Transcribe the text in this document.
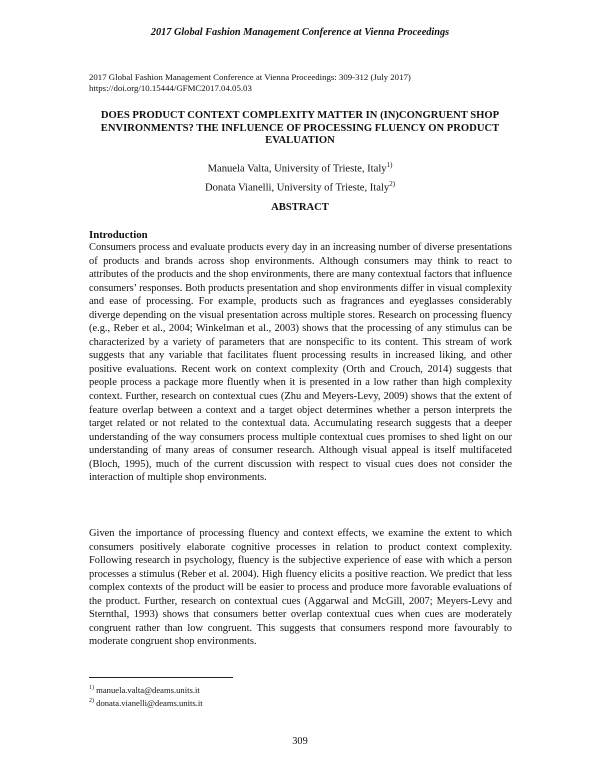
2017 Global Fashion Management Conference at Vienna Proceedings
2017 Global Fashion Management Conference at Vienna Proceedings: 309-312 (July 2017)
https://doi.org/10.15444/GFMC2017.04.05.03
DOES PRODUCT CONTEXT COMPLEXITY MATTER IN (IN)CONGRUENT SHOP ENVIRONMENTS? THE INFLUENCE OF PROCESSING FLUENCY ON PRODUCT EVALUATION
Manuela Valta, University of Trieste, Italy$^{1)}$
Donata Vianelli, University of Trieste, Italy$^{2)}$
ABSTRACT
Introduction

Consumers process and evaluate products every day in an increasing number of diverse presentations of products and brands across shop environments. Although consumers may think to react to attributes of the products and the shop environments, there are many contextual factors that influence consumers’ responses. Both products presentation and shop environments differ in visual complexity and ease of processing. For example, products such as fragrances and eyeglasses considerably diverge depending on the visual presentation across multiple stores. Research on processing fluency (e.g., Reber et al., 2004; Winkelman et al., 2003) shows that the processing of any stimulus can be characterized by a variety of parameters that are nonspecific to its content. This stream of work suggests that any variable that facilitates fluent processing results in increased liking, and other positive evaluations. Recent work on context complexity (Orth and Crouch, 2014) suggests that people process a package more fluently when it is presented in a low rather than high complexity context. Further, research on contextual cues (Zhu and Meyers-Levy, 2009) shows that the extent of feature overlap between a context and a target object determines whether a person interprets the target related or not related to the contextual data. Accumulating research suggests that a deeper understanding of the way consumers process multiple contextual cues promises to shed light on our understanding of many areas of consumer research. Although visual appeal is itself multifaceted (Bloch, 1995), much of the current discussion with respect to visual cues does not consider the interaction of multiple shop environments.

Given the importance of processing fluency and context effects, we examine the extent to which consumers positively elaborate cognitive processes in relation to product context complexity. Following research in psychology, fluency is the subjective experience of ease with which a person processes a stimulus (Reber et al. 2004). High fluency elicits a positive reaction. We predict that less complex contexts of the product will be easier to process and produce more favorable evaluations of the product. Further, research on contextual cues (Aggarwal and McGill, 2007; Meyers-Levy and Sternthal, 1993) shows that consumers better overlap contextual cues when cues are moderately congruent rather than low congruent. This suggests that consumers respond more favourably to moderate congruent shop environments.

$^{1)}$ manuela.valta@deams.units.it
$^{2)}$ donata.vianelli@deams.units.it
309
